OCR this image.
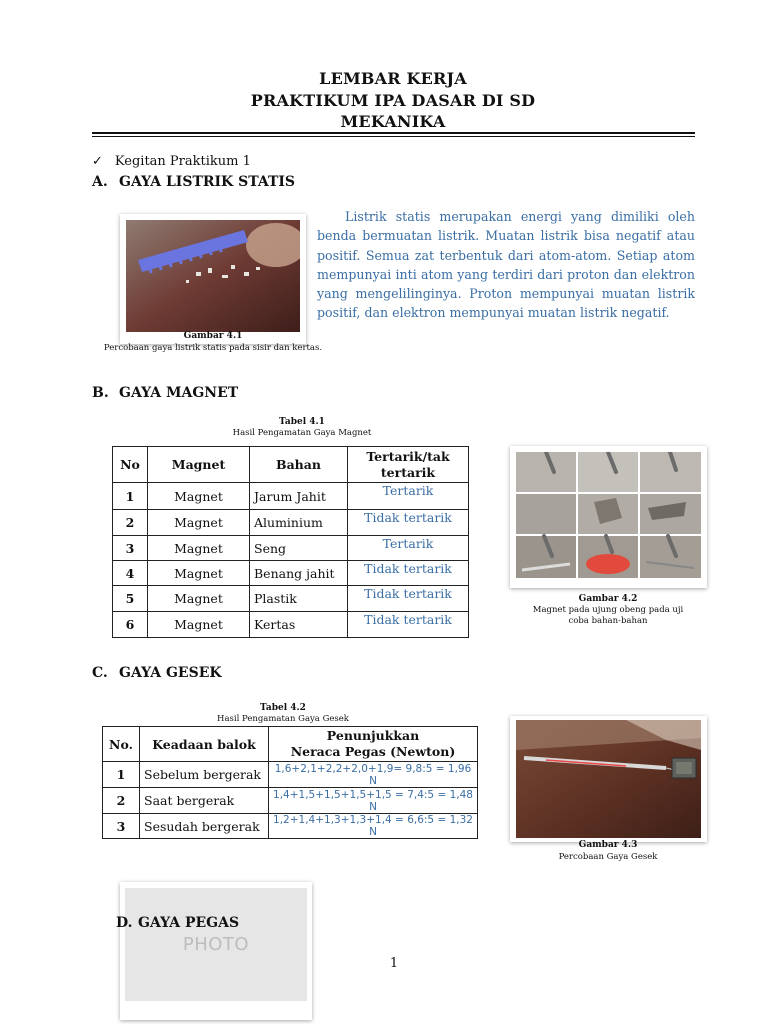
LEMBAR KERJA
PRAKTIKUM IPA DASAR DI SD
MEKANIKA
✓ Kegitan Praktikum 1
A. GAYA LISTRIK STATIS
Gambar 4.1
Percobaan gaya listrik statis pada sisir dan kertas.
Listrik statis merupakan energi yang dimiliki oleh benda bermuatan listrik. Muatan listrik bisa negatif atau positif. Semua zat terbentuk dari atom-atom. Setiap atom mempunyai inti atom yang terdiri dari proton dan elektron yang mengelilinginya. Proton mempunyai muatan listrik positif, dan elektron mempunyai muatan listrik negatif.
B. GAYA MAGNET
Tabel 4.1
Hasil Pengamatan Gaya Magnet
No	Magnet	Bahan	Tertarik/tak tertarik
1	Magnet	Jarum Jahit	Tertarik
2	Magnet	Aluminium	Tidak tertarik
3	Magnet	Seng	Tertarik
4	Magnet	Benang jahit	Tidak tertarik
5	Magnet	Plastik	Tidak tertarik
6	Magnet	Kertas	Tidak tertarik
Gambar 4.2
Magnet pada ujung obeng pada uji
coba bahan-bahan
C. GAYA GESEK
Tabel 4.2
Hasil Pengamatan Gaya Gesek
No.	Keadaan balok	Penunjukkan
Neraca Pegas (Newton)

1	Sebelum bergerak	1,6+2,1+2,2+2,0+1,9= 9,8:5 = 1,96 N
2	Saat bergerak	1,4+1,5+1,5+1,5+1,5 = 7,4:5 = 1,48 N
3	Sesudah bergerak	1,2+1,4+1,3+1,3+1,4 = 6,6:5 = 1,32 N
Gambar 4.3
Percobaan Gaya Gesek
PHOTO
D. GAYA PEGAS
1
